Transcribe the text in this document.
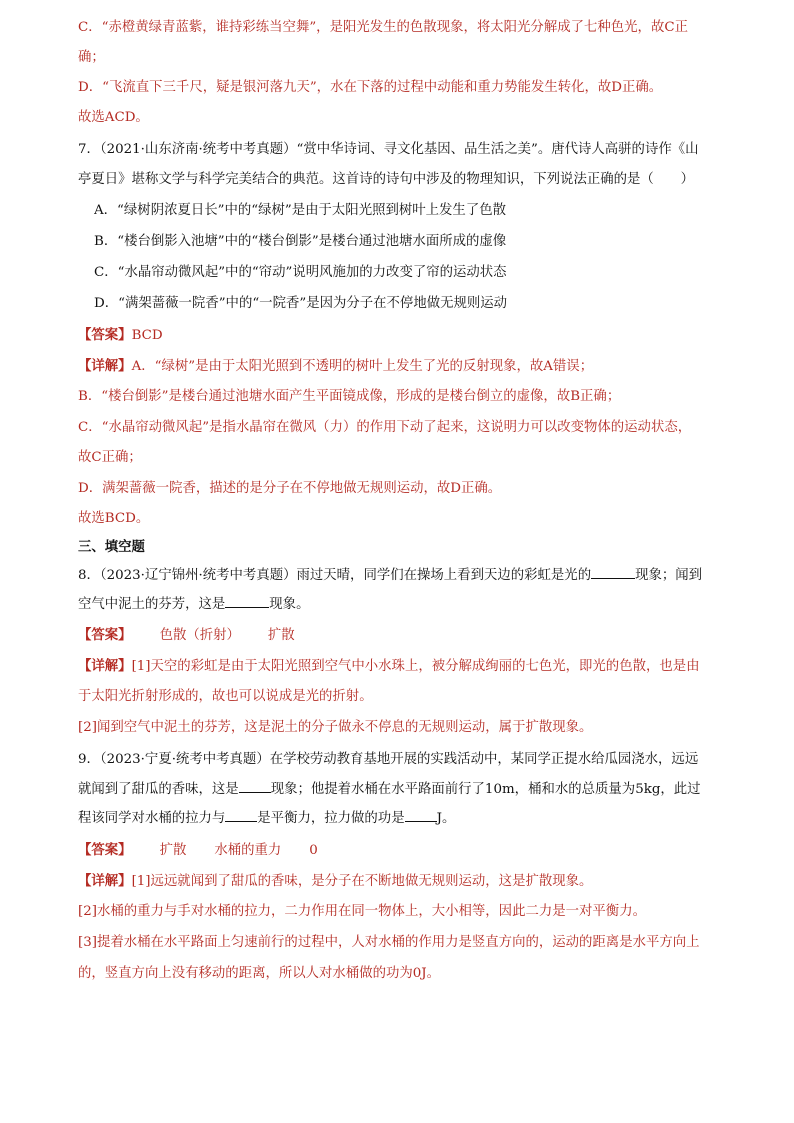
C．“赤橙黄绿青蓝紫，谁持彩练当空舞”，是阳光发生的色散现象，将太阳光分解成了七种色光，故C正
确；
D．“飞流直下三千尺，疑是银河落九天”，水在下落的过程中动能和重力势能发生转化，故D正确。
故选ACD。
7．（2021·山东济南·统考中考真题）“赏中华诗词、寻文化基因、品生活之美”。唐代诗人高骈的诗作《山
亭夏日》堪称文学与科学完美结合的典范。这首诗的诗句中涉及的物理知识，下列说法正确的是（　　）
A．“绿树阴浓夏日长”中的“绿树”是由于太阳光照到树叶上发生了色散
B．“楼台倒影入池塘”中的“楼台倒影”是楼台通过池塘水面所成的虚像
C．“水晶帘动微风起”中的“帘动”说明风施加的力改变了帘的运动状态
D．“满架蔷薇一院香”中的“一院香”是因为分子在不停地做无规则运动
【答案】BCD
【详解】A．“绿树”是由于太阳光照到不透明的树叶上发生了光的反射现象，故A错误；
B．“楼台倒影”是楼台通过池塘水面产生平面镜成像，形成的是楼台倒立的虚像，故B正确；
C．“水晶帘动微风起”是指水晶帘在微风（力）的作用下动了起来，这说明力可以改变物体的运动状态，
故C正确；
D．满架蔷薇一院香，描述的是分子在不停地做无规则运动，故D正确。
故选BCD。
三、填空题
8．（2023·辽宁锦州·统考中考真题）雨过天晴，同学们在操场上看到天边的彩虹是光的	现象；闻到
空气中泥土的芬芳，这是	现象。
【答案】 色散（折射） 扩散
【详解】[1]天空的彩虹是由于太阳光照到空气中小水珠上，被分解成绚丽的七色光，即光的色散，也是由
于太阳光折射形成的，故也可以说成是光的折射。
[2]闻到空气中泥土的芬芳，这是泥土的分子做永不停息的无规则运动，属于扩散现象。
9．（2023·宁夏·统考中考真题）在学校劳动教育基地开展的实践活动中，某同学正提水给瓜园浇水，远远
就闻到了甜瓜的香味，这是 现象；他提着水桶在水平路面前行了10m，桶和水的总质量为5kg，此过
程该同学对水桶的拉力与 是平衡力，拉力做的功是 J。
【答案】 扩散 水桶的重力 0
【详解】[1]远远就闻到了甜瓜的香味，是分子在不断地做无规则运动，这是扩散现象。
[2]水桶的重力与手对水桶的拉力，二力作用在同一物体上，大小相等，因此二力是一对平衡力。
[3]提着水桶在水平路面上匀速前行的过程中，人对水桶的作用力是竖直方向的，运动的距离是水平方向上
的，竖直方向上没有移动的距离，所以人对水桶做的功为0J。
